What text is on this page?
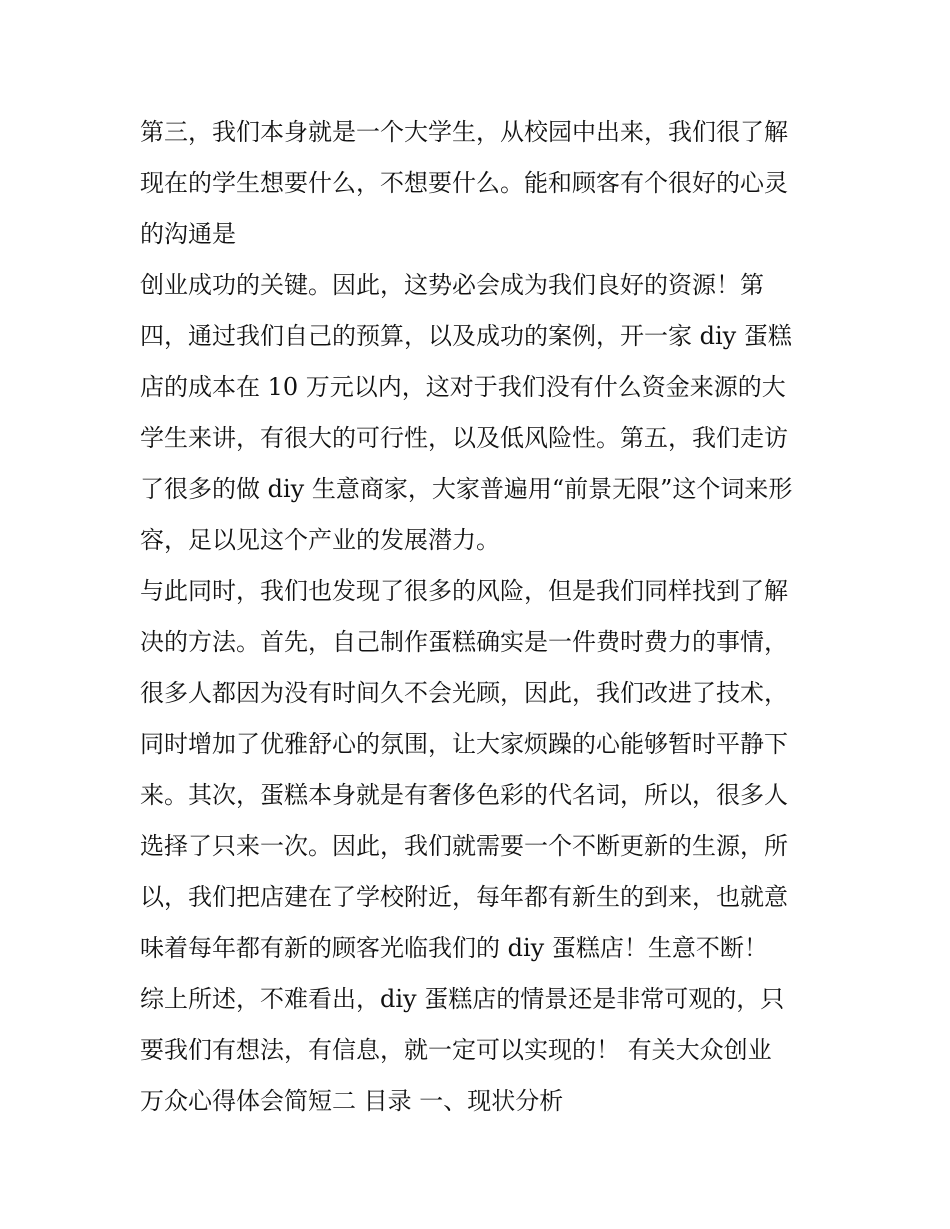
第三，我们本身就是一个大学生，从校园中出来，我们很了解
现在的学生想要什么，不想要什么。能和顾客有个很好的心灵
的沟通是
创业成功的关键。因此，这势必会成为我们良好的资源！第
四，通过我们自己的预算，以及成功的案例，开一家 diy 蛋糕
店的成本在 10 万元以内，这对于我们没有什么资金来源的大
学生来讲，有很大的可行性，以及低风险性。第五，我们走访
了很多的做 diy 生意商家，大家普遍用“前景无限”这个词来形
容，足以见这个产业的发展潜力。
与此同时，我们也发现了很多的风险，但是我们同样找到了解
决的方法。首先，自己制作蛋糕确实是一件费时费力的事情，
很多人都因为没有时间久不会光顾，因此，我们改进了技术，
同时增加了优雅舒心的氛围，让大家烦躁的心能够暂时平静下
来。其次，蛋糕本身就是有奢侈色彩的代名词，所以，很多人
选择了只来一次。因此，我们就需要一个不断更新的生源，所
以，我们把店建在了学校附近，每年都有新生的到来，也就意
味着每年都有新的顾客光临我们的 diy 蛋糕店！生意不断！
综上所述，不难看出，diy 蛋糕店的情景还是非常可观的，只
要我们有想法，有信息，就一定可以实现的！ 有关大众创业
万众心得体会简短二 目录 一、现状分析
